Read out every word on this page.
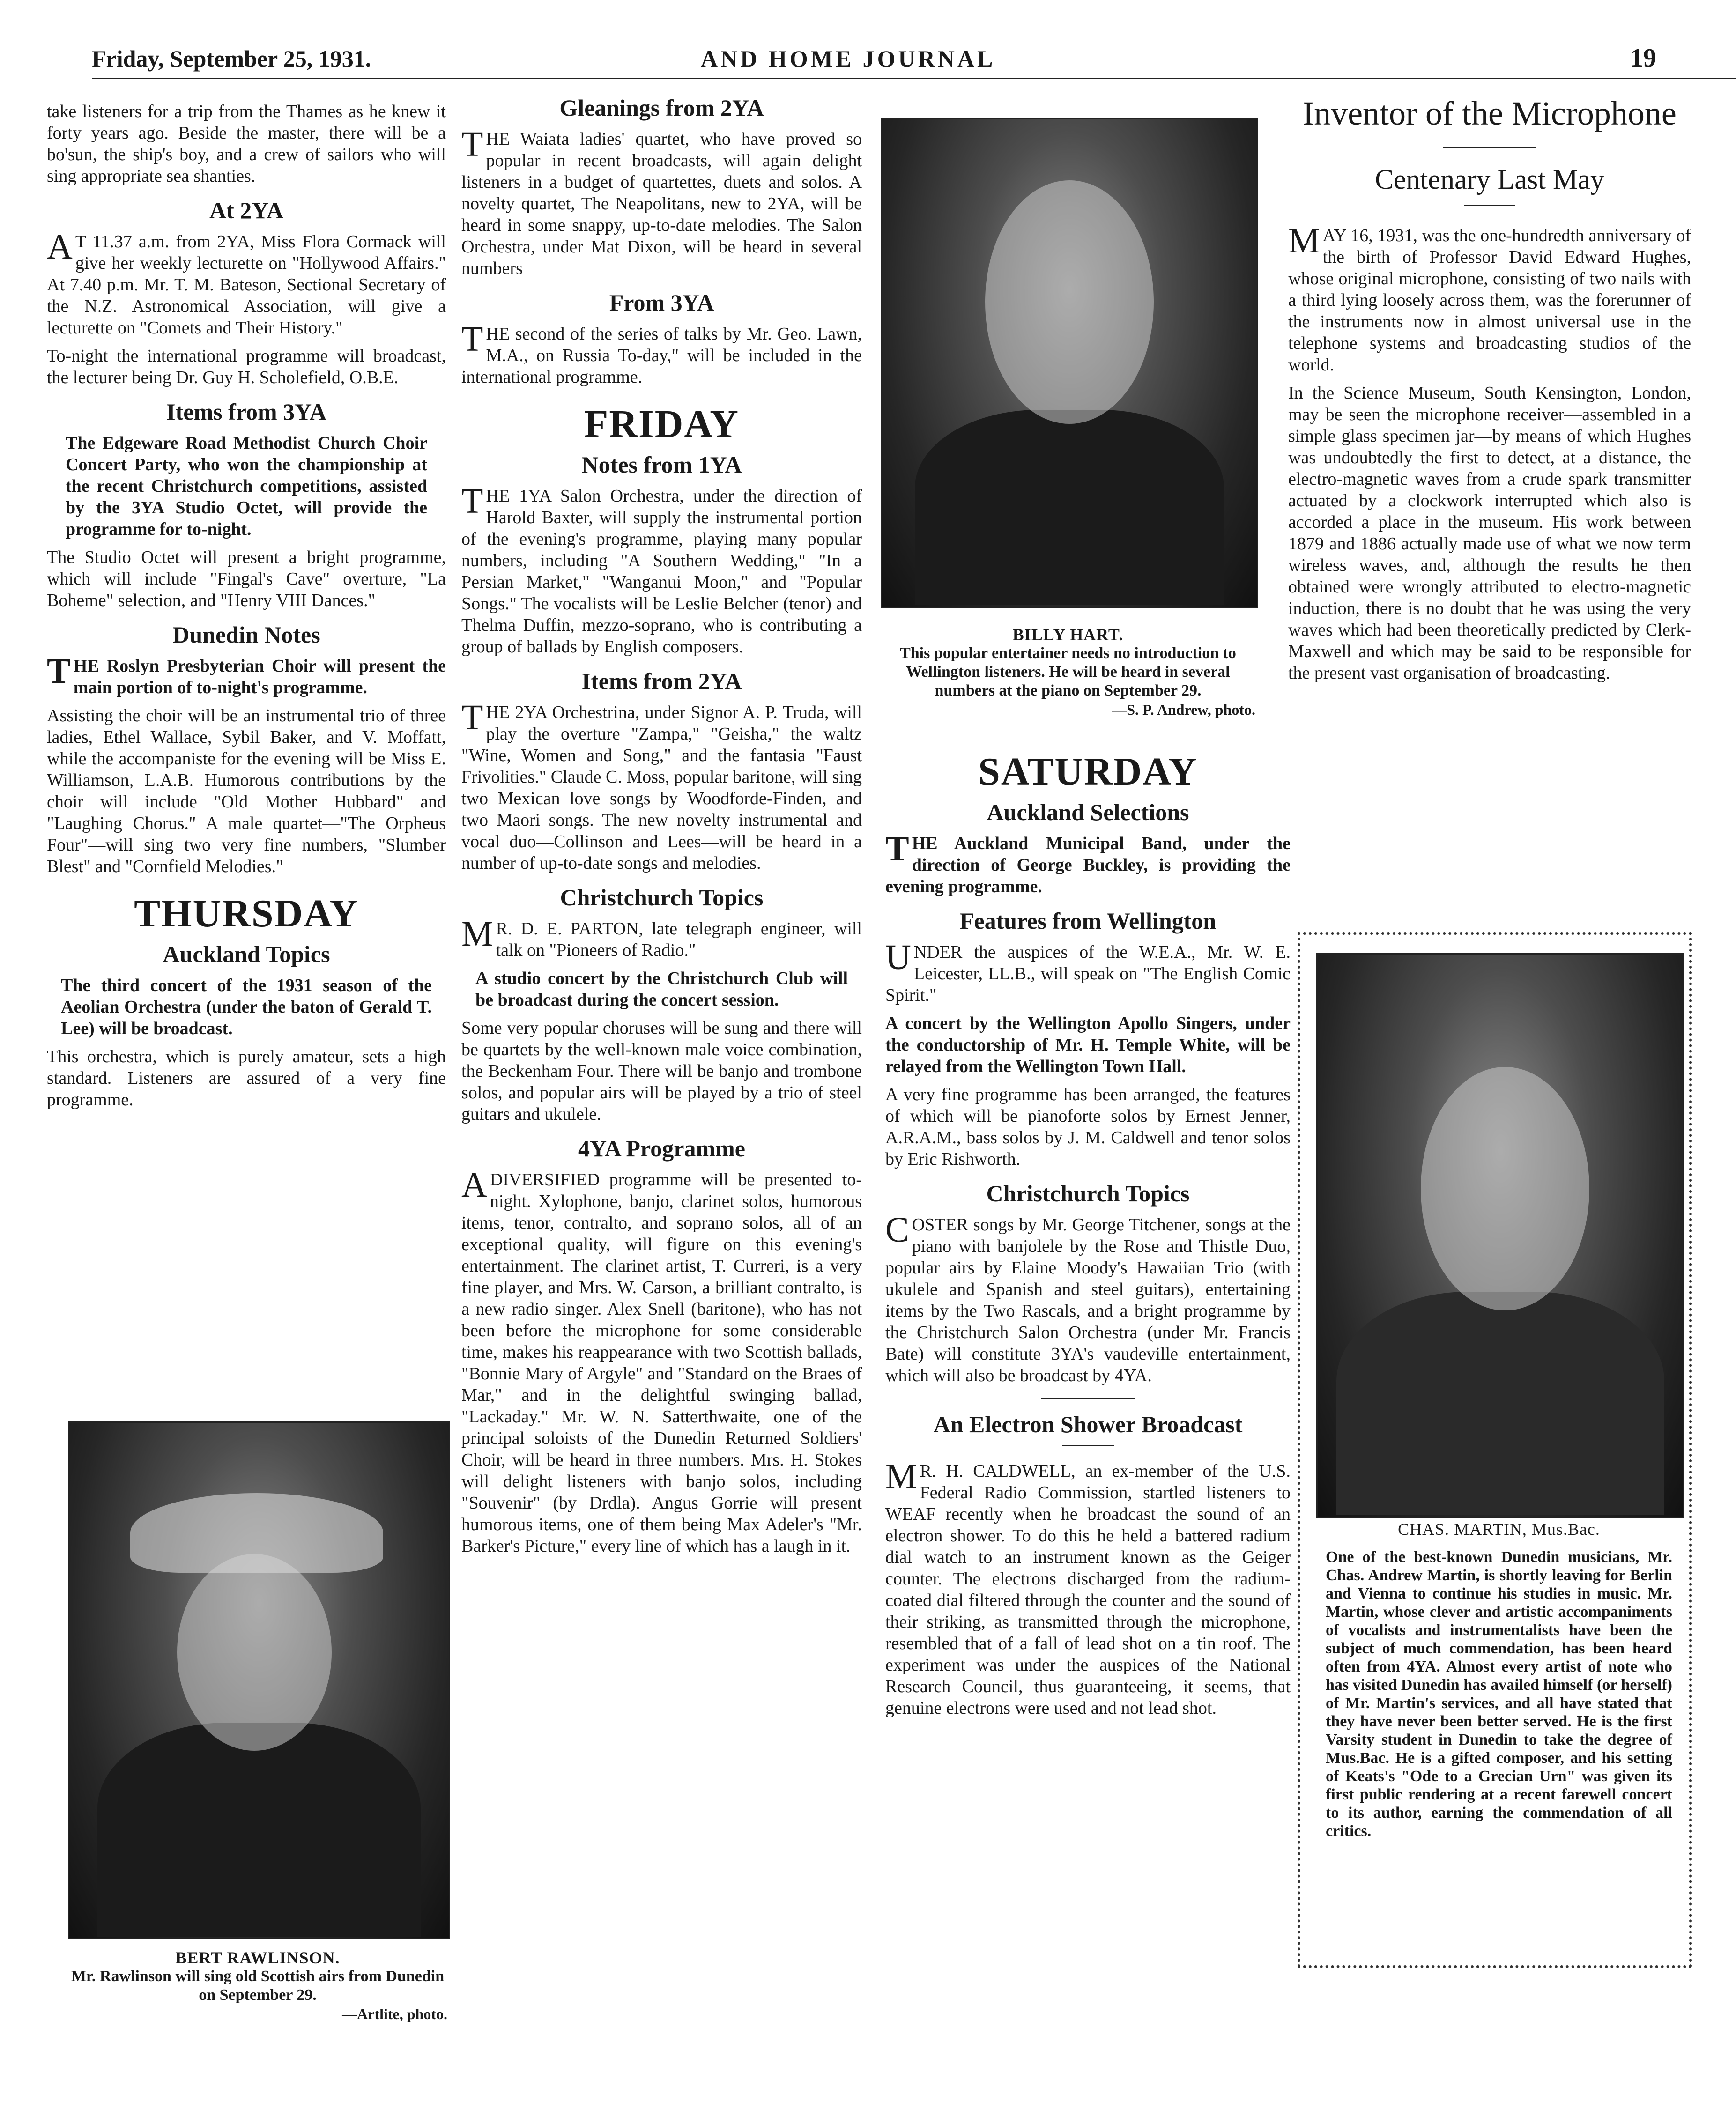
Friday, September 25, 1931.	AND HOME JOURNAL	19

take listeners for a trip from the Thames as he knew it forty years ago. Beside the master, there will be a bo'sun, the ship's boy, and a crew of sailors who will sing appropriate sea shanties.

At 2YA

AT 11.37 a.m. from 2YA, Miss Flora Cormack will give her weekly lecturette on "Hollywood Affairs." At 7.40 p.m. Mr. T. M. Bateson, Sectional Secretary of the N.Z. Astronomical Association, will give a lecturette on "Comets and Their History."

To-night the international programme will broadcast, the lecturer being Dr. Guy H. Scholefield, O.B.E.

Items from 3YA

The Edgeware Road Methodist Church Choir Concert Party, who won the championship at the recent Christchurch competitions, assisted by the 3YA Studio Octet, will provide the programme for to-night.

The Studio Octet will present a bright programme, which will include "Fingal's Cave" overture, "La Boheme" selection, and "Henry VIII Dances."

Dunedin Notes

THE Roslyn Presbyterian Choir will present the main portion of to-night's programme.

Assisting the choir will be an instrumental trio of three ladies, Ethel Wallace, Sybil Baker, and V. Moffatt, while the accompaniste for the evening will be Miss E. Williamson, L.A.B. Humorous contributions by the choir will include "Old Mother Hubbard" and "Laughing Chorus." A male quartet—"The Orpheus Four"—will sing two very fine numbers, "Slumber Blest" and "Cornfield Melodies."

THURSDAY
Auckland Topics

The third concert of the 1931 season of the Aeolian Orchestra (under the baton of Gerald T. Lee) will be broadcast.

This orchestra, which is purely amateur, sets a high standard. Listeners are assured of a very fine programme.

BERT RAWLINSON.
Mr. Rawlinson will sing old Scottish airs from Dunedin on September 29.
—Artlite, photo.
Gleanings from 2YA

THE Waiata ladies' quartet, who have proved so popular in recent broadcasts, will again delight listeners in a budget of quartettes, duets and solos. A novelty quartet, The Neapolitans, new to 2YA, will be heard in some snappy, up-to-date melodies. The Salon Orchestra, under Mat Dixon, will be heard in several numbers

From 3YA

THE second of the series of talks by Mr. Geo. Lawn, M.A., on Russia To-day," will be included in the international programme.

FRIDAY
Notes from 1YA

THE 1YA Salon Orchestra, under the direction of Harold Baxter, will supply the instrumental portion of the evening's programme, playing many popular numbers, including "A Southern Wedding," "In a Persian Market," "Wanganui Moon," and "Popular Songs." The vocalists will be Leslie Belcher (tenor) and Thelma Duffin, mezzo-soprano, who is contributing a group of ballads by English composers.

Items from 2YA

THE 2YA Orchestrina, under Signor A. P. Truda, will play the overture "Zampa," "Geisha," the waltz "Wine, Women and Song," and the fantasia "Faust Frivolities." Claude C. Moss, popular baritone, will sing two Mexican love songs by Woodforde-Finden, and two Maori songs. The new novelty instrumental and vocal duo—Collinson and Lees—will be heard in a number of up-to-date songs and melodies.

Christchurch Topics

MR. D. E. PARTON, late telegraph engineer, will talk on "Pioneers of Radio."

A studio concert by the Christchurch Club will be broadcast during the concert session.

Some very popular choruses will be sung and there will be quartets by the well-known male voice combination, the Beckenham Four. There will be banjo and trombone solos, and popular airs will be played by a trio of steel guitars and ukulele.

4YA Programme

ADIVERSIFIED programme will be presented to-night. Xylophone, banjo, clarinet solos, humorous items, tenor, contralto, and soprano solos, all of an exceptional quality, will figure on this evening's entertainment. The clarinet artist, T. Curreri, is a very fine player, and Mrs. W. Carson, a brilliant contralto, is a new radio singer. Alex Snell (baritone), who has not been before the microphone for some considerable time, makes his reappearance with two Scottish ballads, "Bonnie Mary of Argyle" and "Standard on the Braes of Mar," and in the delightful swinging ballad, "Lackaday." Mr. W. N. Satterthwaite, one of the principal soloists of the Dunedin Returned Soldiers' Choir, will be heard in three numbers. Mrs. H. Stokes will delight listeners with banjo solos, including "Souvenir" (by Drdla). Angus Gorrie will present humorous items, one of them being Max Adeler's "Mr. Barker's Picture," every line of which has a laugh in it.

BILLY HART.
This popular entertainer needs no introduction to Wellington listeners. He will be heard in several numbers at the piano on September 29.
—S. P. Andrew, photo.
SATURDAY
Auckland Selections

THE Auckland Municipal Band, under the direction of George Buckley, is providing the evening programme.

Features from Wellington

UNDER the auspices of the W.E.A., Mr. W. E. Leicester, LL.B., will speak on "The English Comic Spirit."

A concert by the Wellington Apollo Singers, under the conductorship of Mr. H. Temple White, will be relayed from the Wellington Town Hall.

A very fine programme has been arranged, the features of which will be pianoforte solos by Ernest Jenner, A.R.A.M., bass solos by J. M. Caldwell and tenor solos by Eric Rishworth.

Christchurch Topics

COSTER songs by Mr. George Titchener, songs at the piano with banjolele by the Rose and Thistle Duo, popular airs by Elaine Moody's Hawaiian Trio (with ukulele and Spanish and steel guitars), entertaining items by the Two Rascals, and a bright programme by the Christchurch Salon Orchestra (under Mr. Francis Bate) will constitute 3YA's vaudeville entertainment, which will also be broadcast by 4YA.

An Electron Shower Broadcast

MR. H. CALDWELL, an ex-member of the U.S. Federal Radio Commission, startled listeners to WEAF recently when he broadcast the sound of an electron shower. To do this he held a battered radium dial watch to an instrument known as the Geiger counter. The electrons discharged from the radium-coated dial filtered through the counter and the sound of their striking, as transmitted through the microphone, resembled that of a fall of lead shot on a tin roof. The experiment was under the auspices of the National Research Council, thus guaranteeing, it seems, that genuine electrons were used and not lead shot.

Inventor of the Microphone
Centenary Last May

MAY 16, 1931, was the one-hundredth anniversary of the birth of Professor David Edward Hughes, whose original microphone, consisting of two nails with a third lying loosely across them, was the forerunner of the instruments now in almost universal use in the telephone systems and broadcasting studios of the world.

In the Science Museum, South Kensington, London, may be seen the microphone receiver—assembled in a simple glass specimen jar—by means of which Hughes was undoubtedly the first to detect, at a distance, the electro-magnetic waves from a crude spark transmitter actuated by a clockwork interrupted which also is accorded a place in the museum. His work between 1879 and 1886 actually made use of what we now term wireless waves, and, although the results he then obtained were wrongly attributed to electro-magnetic induction, there is no doubt that he was using the very waves which had been theoretically predicted by Clerk-Maxwell and which may be said to be responsible for the present vast organisation of broadcasting.

CHAS. MARTIN, Mus.Bac.
One of the best-known Dunedin musicians, Mr. Chas. Andrew Martin, is shortly leaving for Berlin and Vienna to continue his studies in music. Mr. Martin, whose clever and artistic accompaniments of vocalists and instrumentalists have been the subject of much commendation, has been heard often from 4YA. Almost every artist of note who has visited Dunedin has availed himself (or herself) of Mr. Martin's services, and all have stated that they have never been better served. He is the first Varsity student in Dunedin to take the degree of Mus.Bac. He is a gifted composer, and his setting of Keats's "Ode to a Grecian Urn" was given its first public rendering at a recent farewell concert to its author, earning the commendation of all critics.
